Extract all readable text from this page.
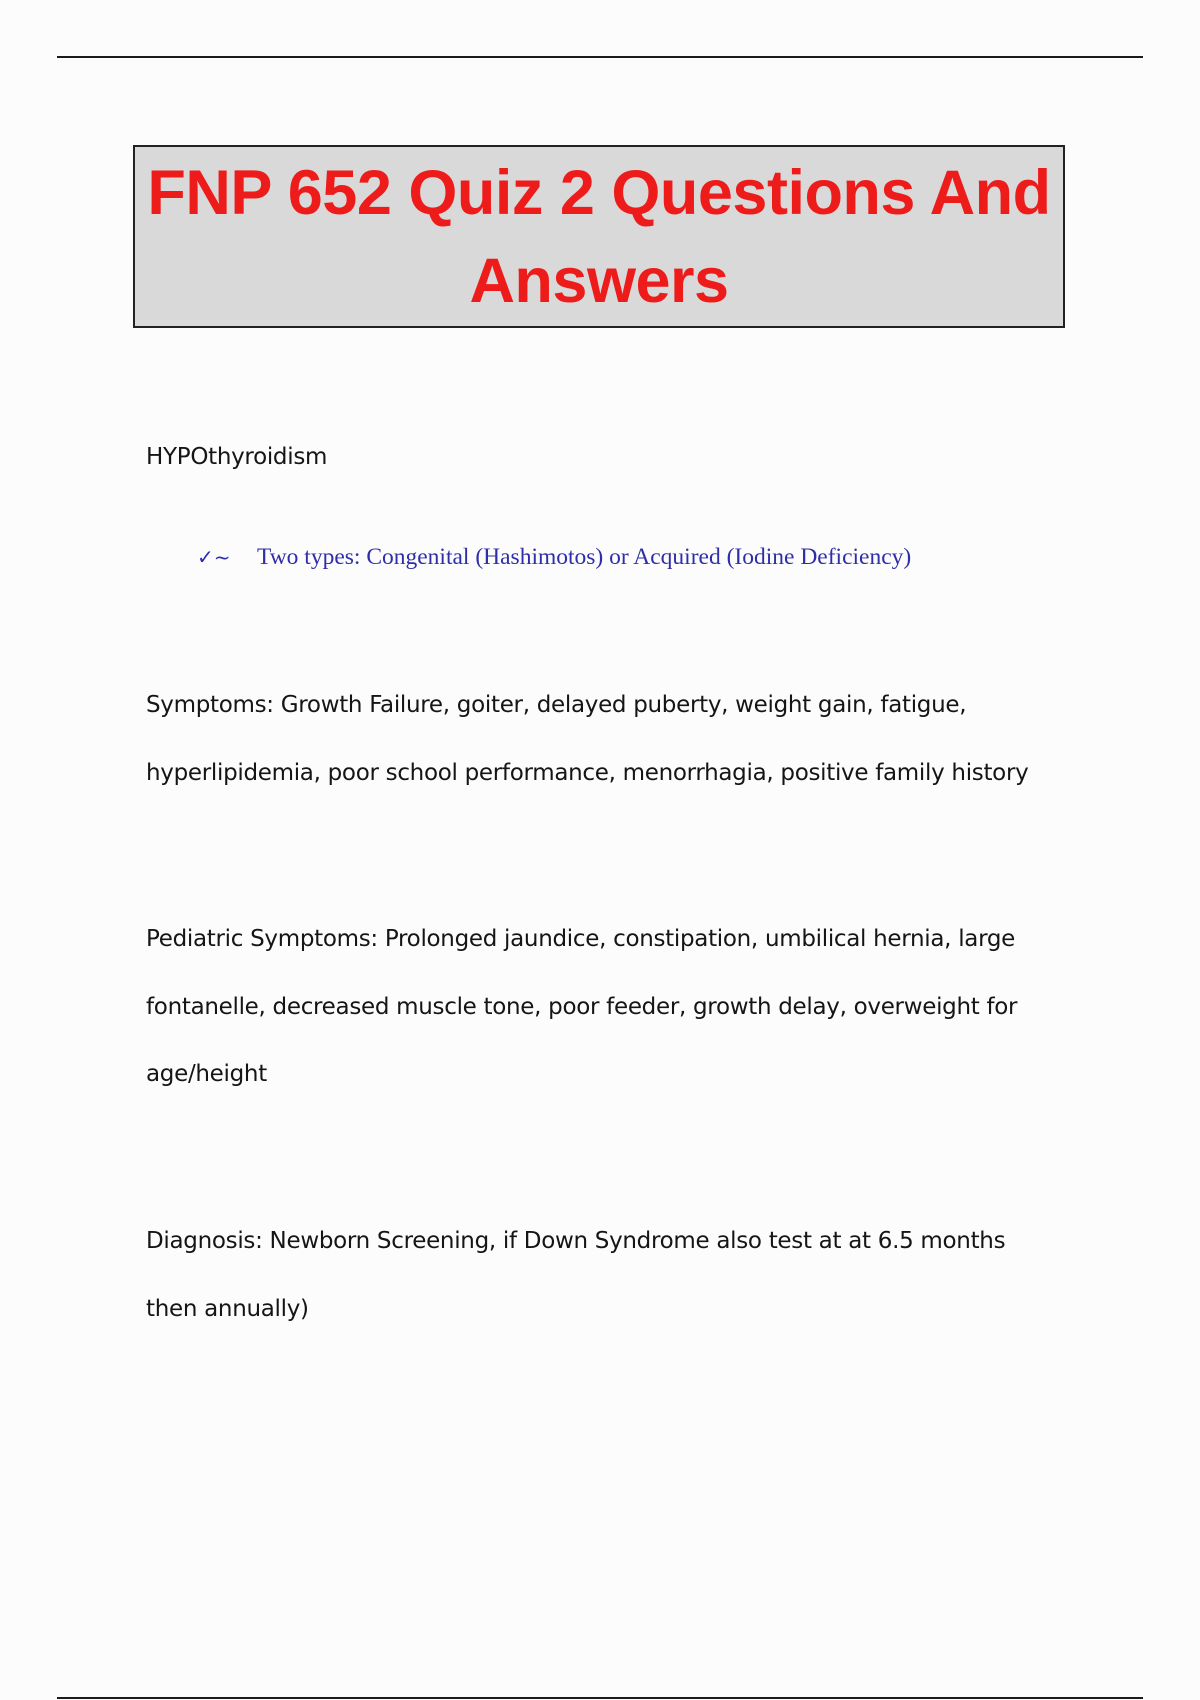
FNP 652 Quiz 2 Questions And Answers
HYPOthyroidism
✓~	Two types: Congenital (Hashimotos) or Acquired (Iodine Deficiency)
Symptoms: Growth Failure, goiter, delayed puberty, weight gain, fatigue,
hyperlipidemia, poor school performance, menorrhagia, positive family history
Pediatric Symptoms: Prolonged jaundice, constipation, umbilical hernia, large
fontanelle, decreased muscle tone, poor feeder, growth delay, overweight for
age/height
Diagnosis: Newborn Screening, if Down Syndrome also test at at 6.5 months
then annually)
